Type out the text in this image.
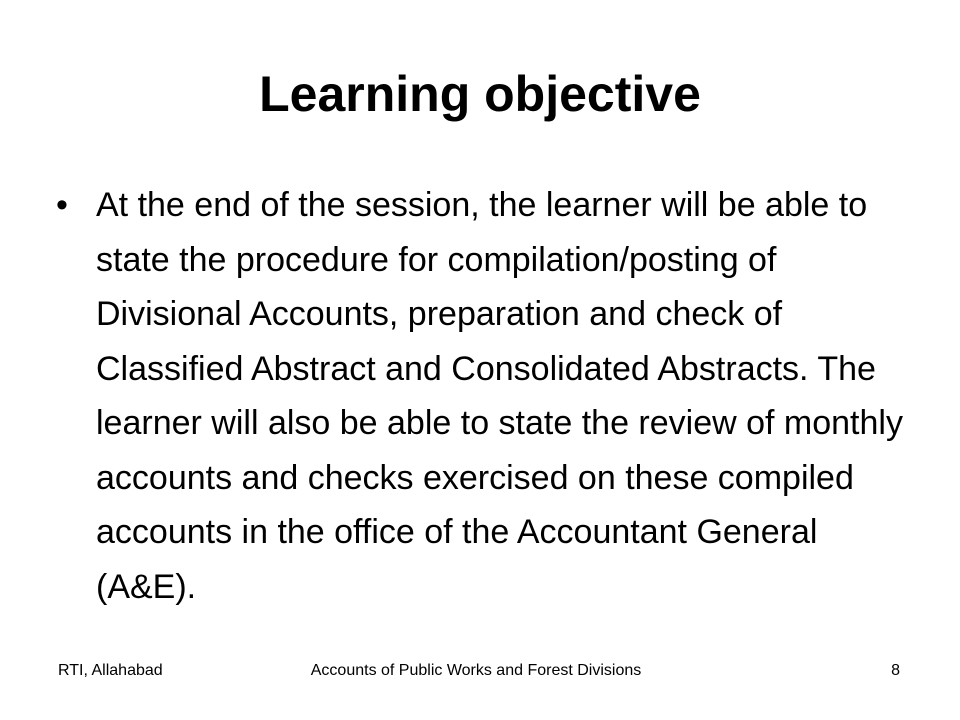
Learning objective
• At the end of the session, the learner will be able to state the procedure for compilation/posting of Divisional Accounts, preparation and check of Classified Abstract and Consolidated Abstracts. The learner will also be able to state the review of monthly accounts and checks exercised on these compiled accounts in the office of the Accountant General (A&E).
RTI, Allahabad	Accounts of Public Works and Forest Divisions	8
